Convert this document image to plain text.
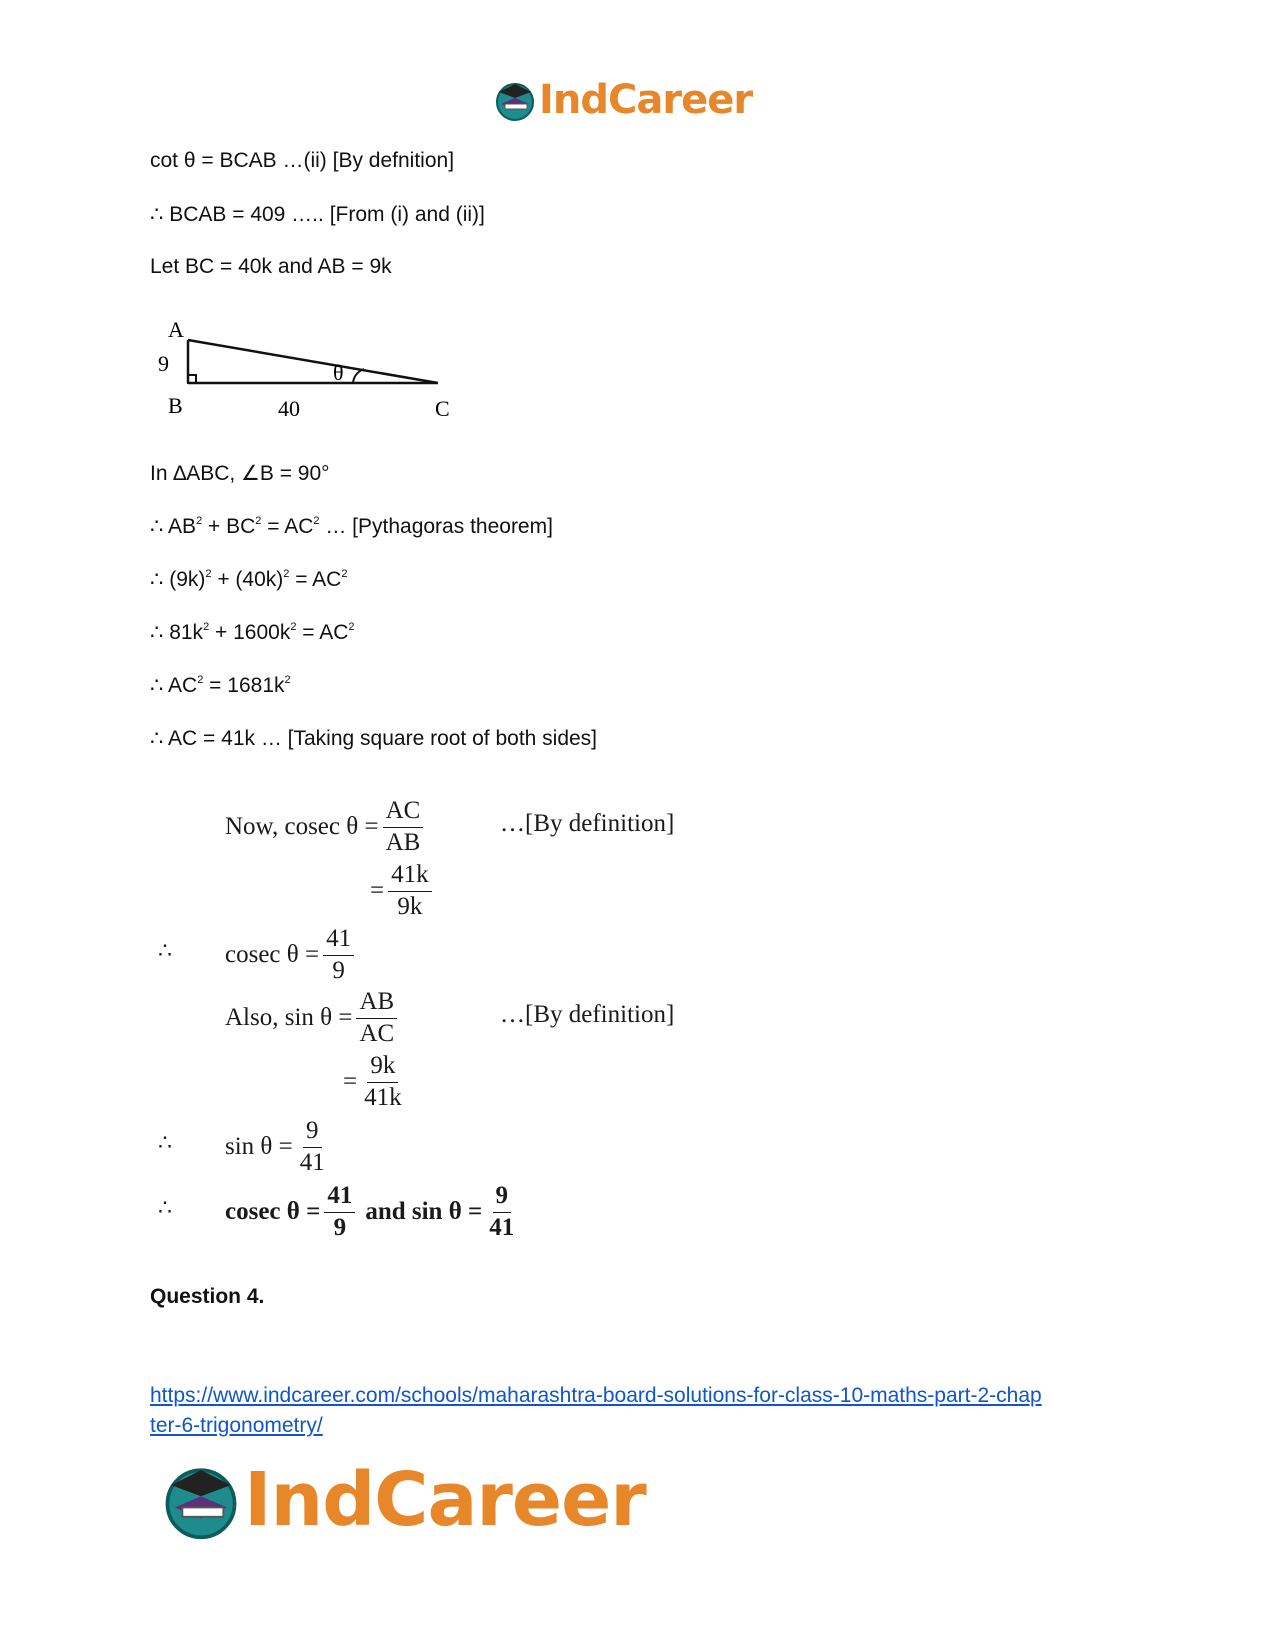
IndCareer
cot θ = BCAB …(ii) [By defnition]
∴ BCAB = 409 ….. [From (i) and (ii)]
Let BC = 40k and AB = 9k
A
9
B	40
θ
C
In ∆ABC, ∠B = 90°
∴ $AB^2 + BC^2 = AC^2$ … [Pythagoras theorem]
∴ $(9k)^2 + (40k)^2 = AC^2$
∴ $81k^2 + 1600k^2 = AC^2$
∴ $AC^2 = 1681k^2$
∴ AC = 41k … [Taking square root of both sides]
Now, cosec $\theta = \frac{AC}{AB}$	…[By definition]
= $\frac{41k}{9k}$
∴ cosec $\theta = \frac{41}{9}$
Also, $\sin \theta = \frac{AB}{AC}$	…[By definition]
= $\frac{9k}{41k}$
∴ $\sin \theta = \frac{9}{41}$
∴ cosec $\theta = \frac{41}{9}$ and $\sin \theta = \frac{9}{41}$
Question 4.
https://www.indcareer.com/schools/maharashtra-board-solutions-for-class-10-maths-part-2-chap
ter-6-trigonometry/
IndCareer
